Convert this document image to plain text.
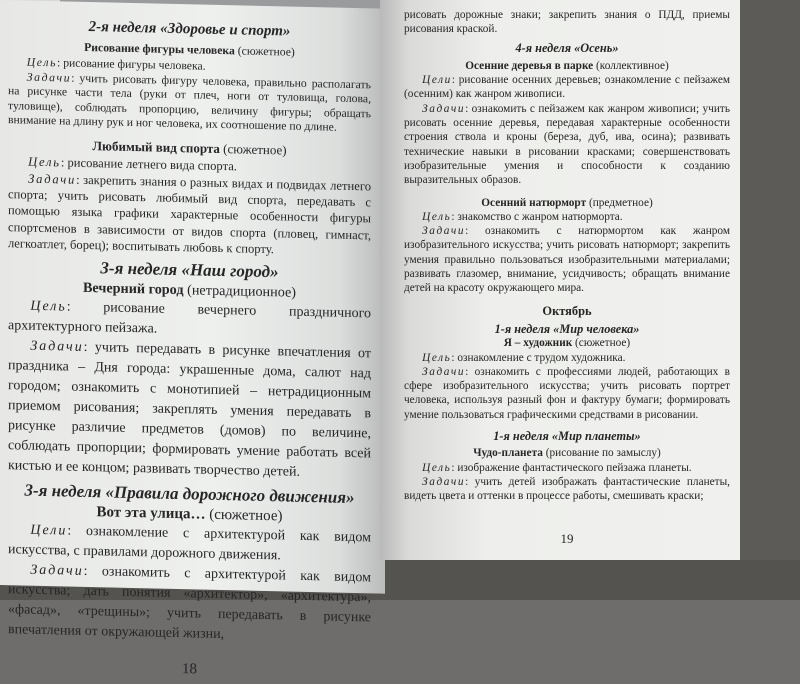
2-я неделя «Здоровье и спорт»

Рисование фигуры человека (сюжетное)

Цель: рисование фигуры человека.

Задачи: учить рисовать фигуру человека, правильно располагать на рисунке части тела (руки от плеч, ноги от туловища, голова, туловище), соблюдать пропорцию, величину фигуры; обращать внимание на длину рук и ног человека, их соотношение по длине.

Любимый вид спорта (сюжетное)

Цель: рисование летнего вида спорта.

Задачи: закрепить знания о разных видах и подвидах летнего спорта; учить рисовать любимый вид спорта, передавать с помощью языка графики характерные особенности фигуры спортсменов в зависимости от видов спорта (пловец, гимнаст, легкоатлет, борец); воспитывать любовь к спорту.

3-я неделя «Наш город»

Вечерний город (нетрадиционное)

Цель: рисование вечернего праздничного архитектурного пейзажа.

Задачи: учить передавать в рисунке впечатления от праздника – Дня города: украшенные дома, салют над городом; ознакомить с монотипией – нетрадиционным приемом рисования; закреплять умения передавать в рисунке различие предметов (домов) по величине, соблюдать пропорции; формировать умение работать всей кистью и ее концом; развивать творчество детей.

3-я неделя «Правила дорожного движения»

Вот эта улица… (сюжетное)

Цели: ознакомление с архитектурой как видом искусства, с правилами дорожного движения.

Задачи: ознакомить с архитектурой как видом искусства; дать понятия «архитектор», «архитектура», «фасад», «трещины»; учить передавать в рисунке впечатления от окружающей жизни,

18

рисовать дорожные знаки; закрепить знания о ПДД, приемы рисования краской.

4-я неделя «Осень»

Осенние деревья в парке (коллективное)

Цели: рисование осенних деревьев; ознакомление с пейзажем (осенним) как жанром живописи.

Задачи: ознакомить с пейзажем как жанром живописи; учить рисовать осенние деревья, передавая характерные особенности строения ствола и кроны (береза, дуб, ива, осина); развивать технические навыки в рисовании красками; совершенствовать изобразительные умения и способности к созданию выразительных образов.

Осенний натюрморт (предметное)

Цель: знакомство с жанром натюрморта.

Задачи: ознакомить с натюрмортом как жанром изобразительного искусства; учить рисовать натюрморт; закрепить умения правильно пользоваться изобразительными материалами; развивать глазомер, внимание, усидчивость; обращать внимание детей на красоту окружающего мира.

Октябрь

1-я неделя «Мир человека»

Я – художник (сюжетное)

Цель: ознакомление с трудом художника.

Задачи: ознакомить с профессиями людей, работающих в сфере изобразительного искусства; учить рисовать портрет человека, используя разный фон и фактуру бумаги; формировать умение пользоваться графическими средствами в рисовании.

1-я неделя «Мир планеты»

Чудо-планета (рисование по замыслу)

Цель: изображение фантастического пейзажа планеты.

Задачи: учить детей изображать фантастические планеты, видеть цвета и оттенки в процессе работы, смешивать краски;

19
